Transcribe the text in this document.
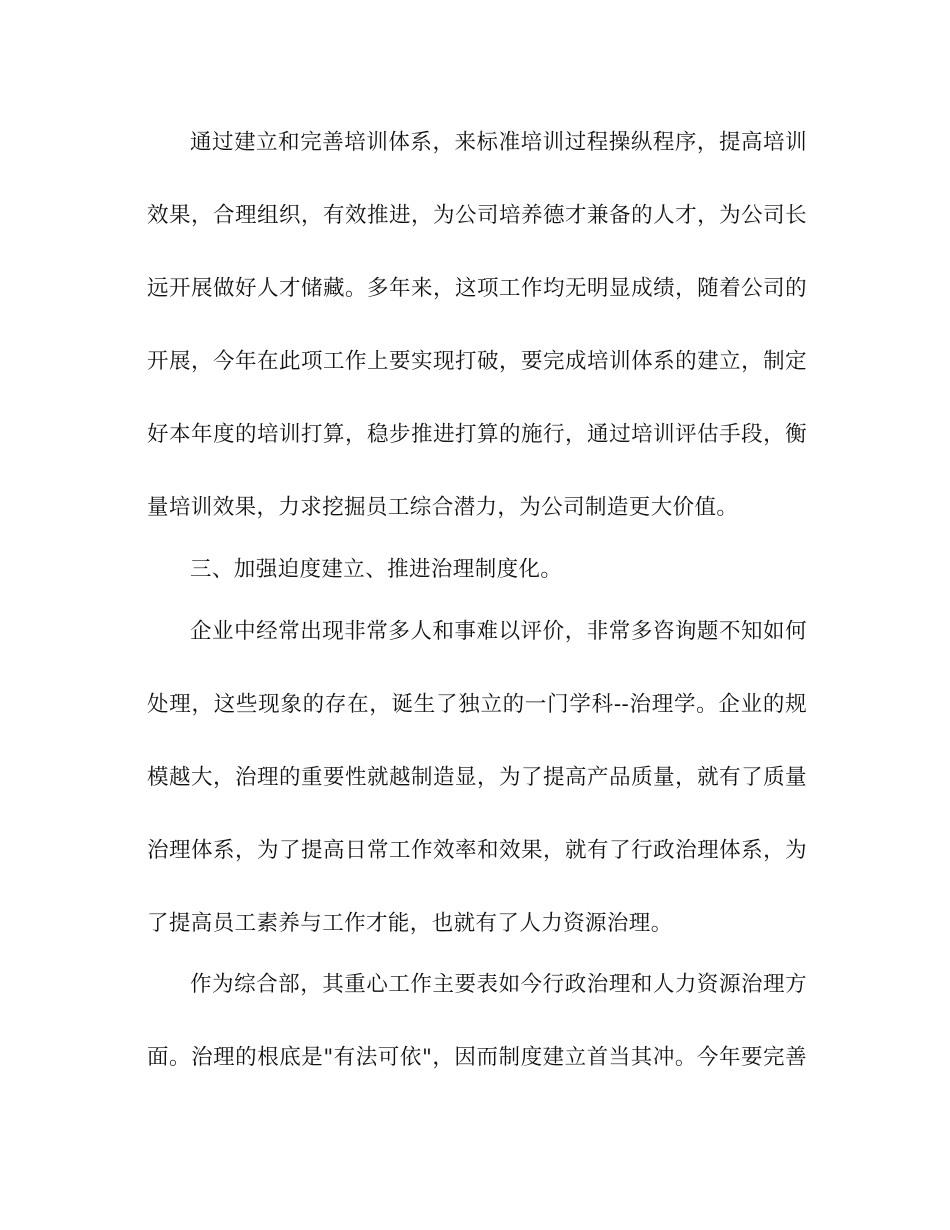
通过建立和完善培训体系，来标准培训过程操纵程序，提高培训
效果，合理组织，有效推进，为公司培养德才兼备的人才，为公司长
远开展做好人才储藏。多年来，这项工作均无明显成绩，随着公司的
开展，今年在此项工作上要实现打破，要完成培训体系的建立，制定
好本年度的培训打算，稳步推进打算的施行，通过培训评估手段，衡
量培训效果，力求挖掘员工综合潜力，为公司制造更大价值。
三、加强迫度建立、推进治理制度化。
企业中经常出现非常多人和事难以评价，非常多咨询题不知如何
处理，这些现象的存在，诞生了独立的一门学科--治理学。企业的规
模越大，治理的重要性就越制造显，为了提高产品质量，就有了质量
治理体系，为了提高日常工作效率和效果，就有了行政治理体系，为
了提高员工素养与工作才能，也就有了人力资源治理。
作为综合部，其重心工作主要表如今行政治理和人力资源治理方
面。治理的根底是"有法可依"，因而制度建立首当其冲。今年要完善
